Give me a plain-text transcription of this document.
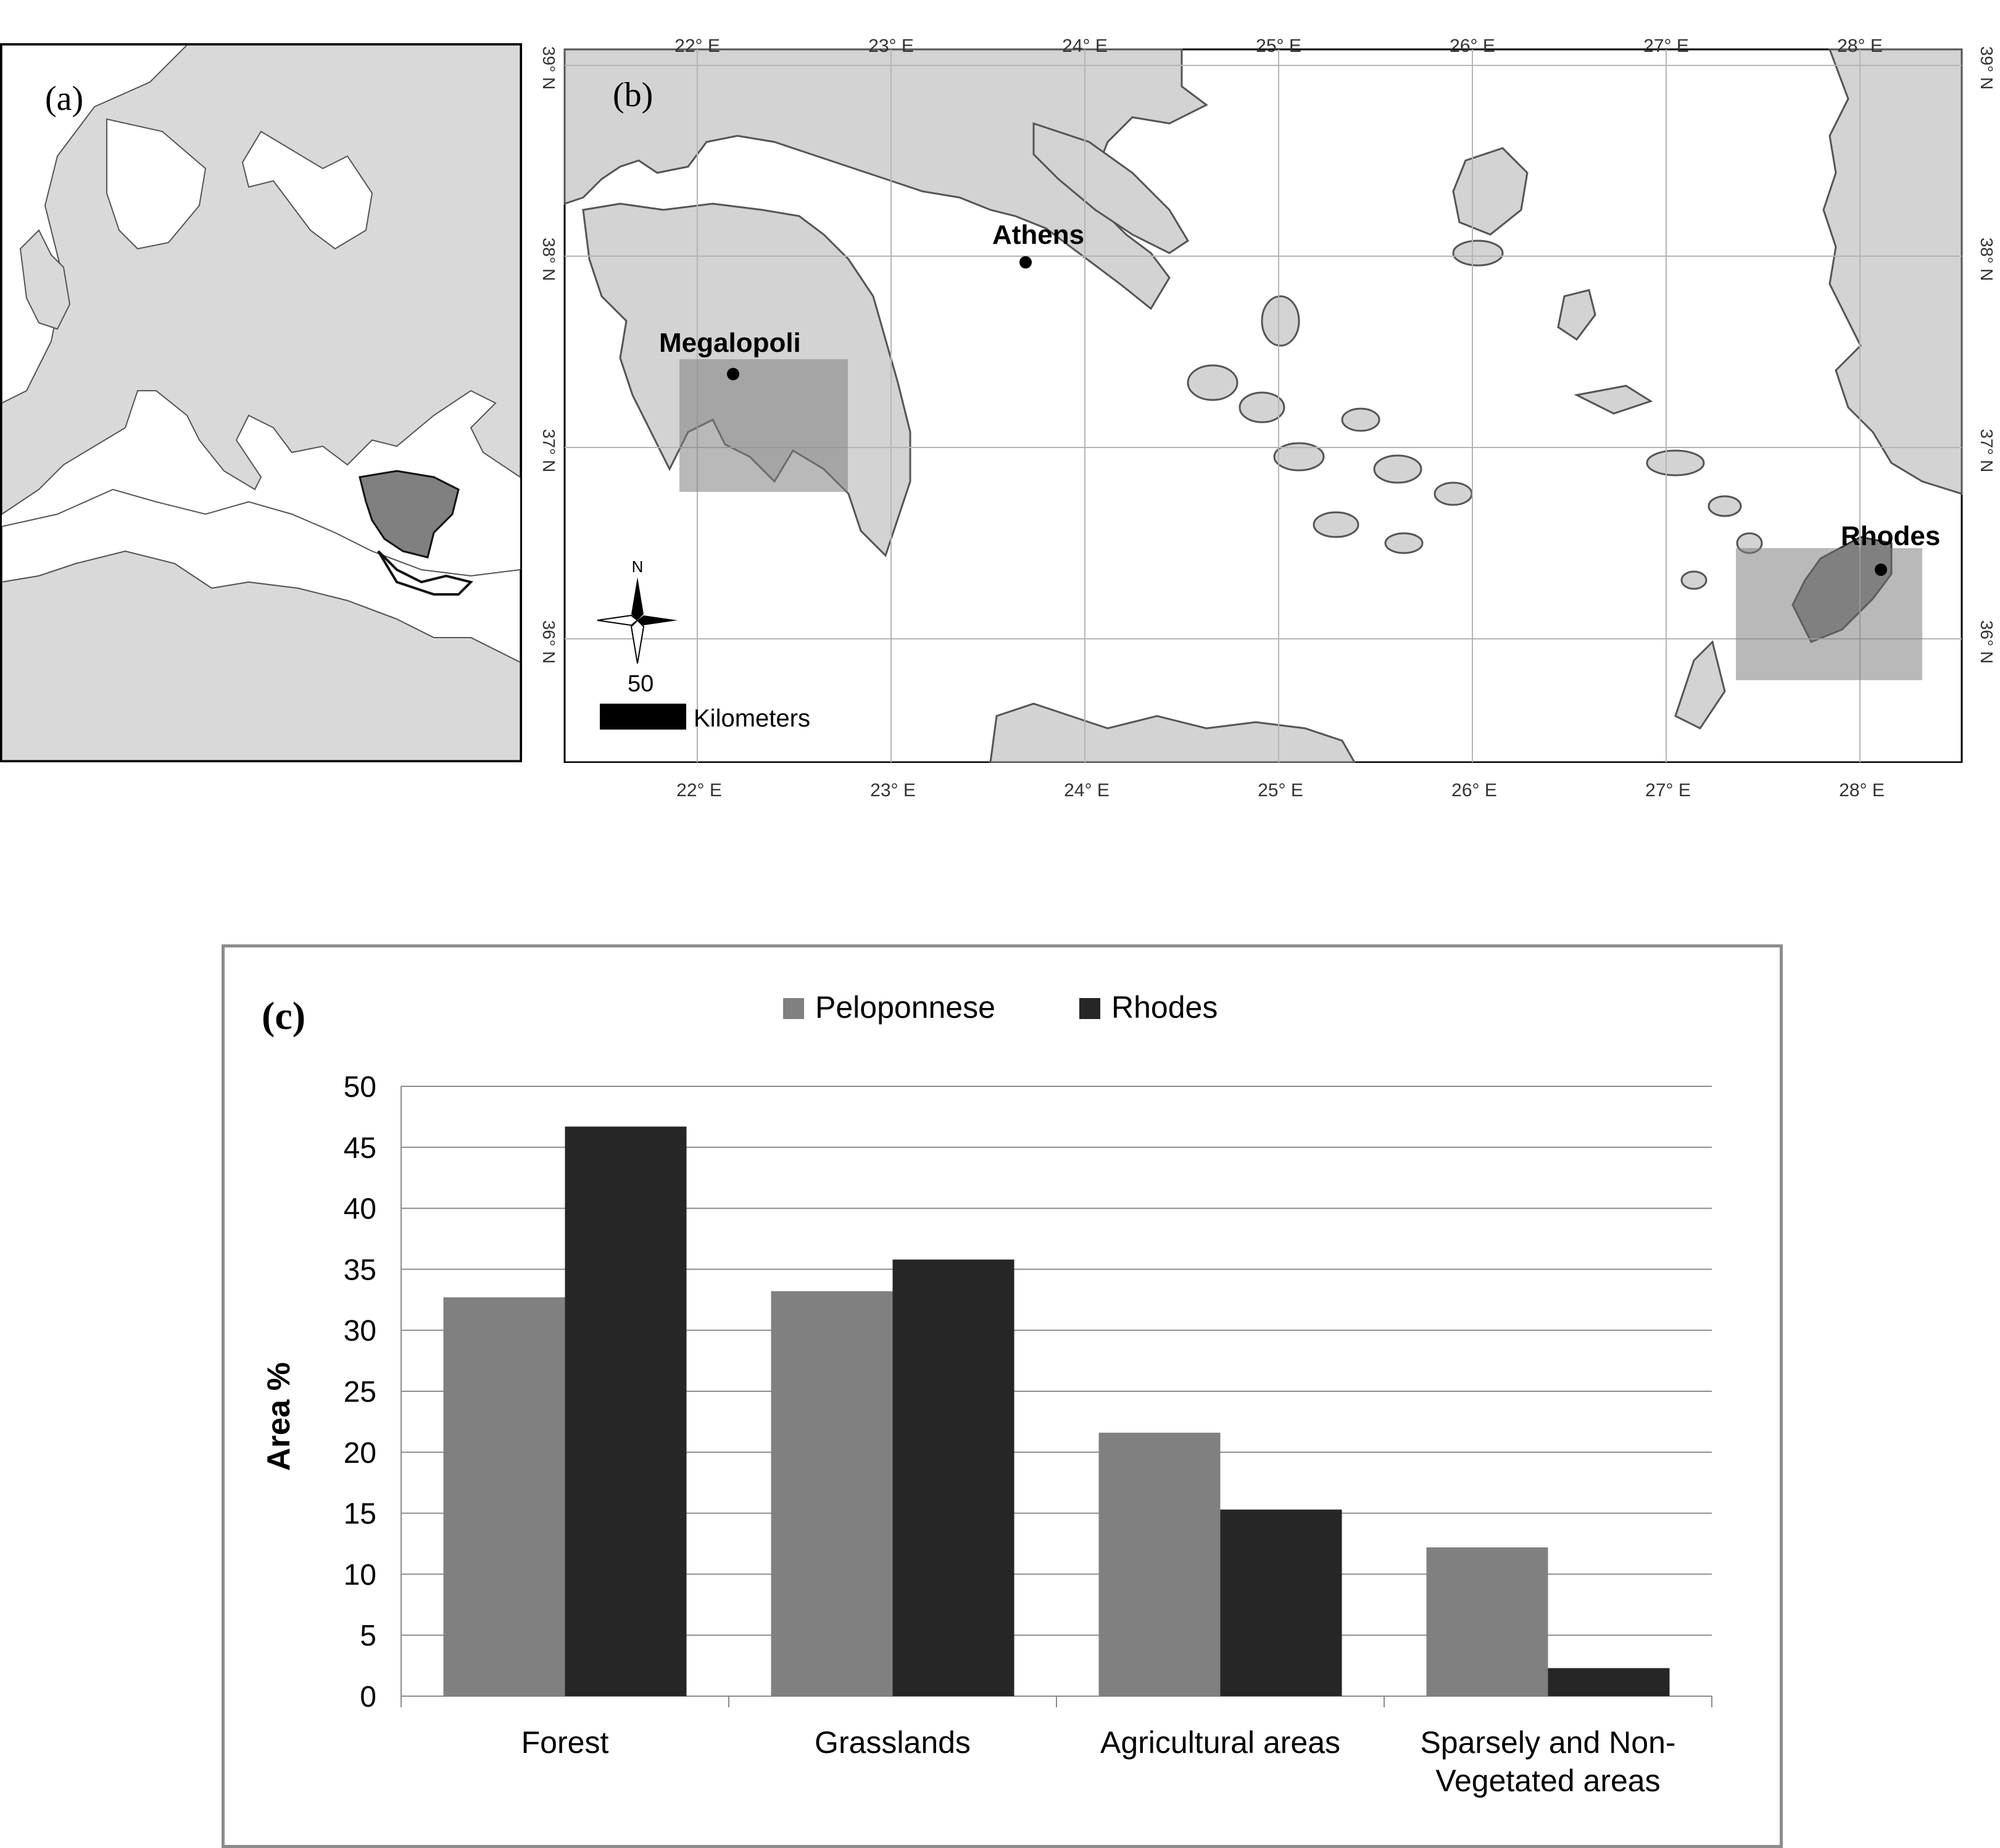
(a)
Athens
Megalopoli
Rhodes
(b)
N
50
Kilometers
22° E	23° E	24° E	25° E	26° E	27° E	28° E
22° E	23° E	24° E	25° E	26° E	27° E	28° E
39° N
38° N
37° N
36° N
39° N
38° N
37° N
36° N
(c)	Peloponnese	Rhodes
0
5
10
15
20
25
30
35
40
45
50
Forest	Grasslands	Agricultural areas	Sparsely and Non-
Vegetated areas
Area %
